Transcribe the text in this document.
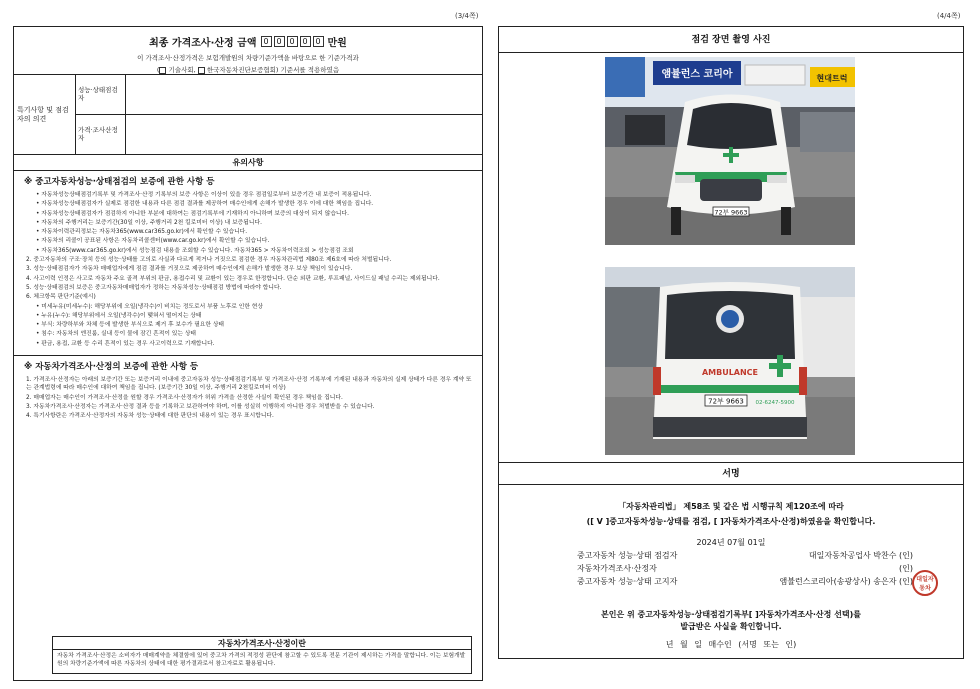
(3/4쪽)	(4/4쪽)
최종 가격조사·산정 금액 0 0 0 0 0 만원
이 가격조사·산정가격은 보험개발원의 차량기준가액을 바탕으로 한 기준가격과
( 기술사회,  한국자동차진단보증협회) 기준서를 적용하였음
특기사항 및 점검자의 의견
성능·상태점검자
가격·조사산정자
유의사항
※ 중고자동차성능·상태점검의 보증에 관한 사항 등
• 자동차성능상태점검기록부 및 가격조사·산정 기록부의 보증 사항은 이상이 있을 경우 점검일로부터 보증기간 내 보증이 적용됩니다.
• 자동차성능상태점검자가 실제로 점검한 내용과 다른 점검 결과를 제공하여 매수인에게 손해가 발생한 경우 이에 대한 책임을 집니다.
• 자동차성능상태점검자가 점검하지 아니한 부분에 대하여는 점검기록부에 기재하지 아니하며 보증의 대상이 되지 않습니다.
• 자동차의 주행거리는 보증기간(30일 이상, 주행거리 2천 킬로미터 이상) 내 보증됩니다.
• 자동차이력관리정보는 자동차365(www.car365.go.kr)에서 확인할 수 있습니다.
• 자동차의 리콜이 공표된 사항은 자동차리콜센터(www.car.go.kr)에서 확인할 수 있습니다.
• 자동차365(www.car365.go.kr)에서 성능점검 내용을 조회할 수 있습니다. 자동차365 > 자동차이력조회 > 성능점검 조회
2. 중고자동차의 구조·장치 등의 성능·상태를 고의로 사실과 다르게 적거나 거짓으로 점검한 경우 자동차관리법 제80조 제6호에 따라 처벌됩니다.
3. 성능·상태점검자가 자동차 매매업자에게 점검 결과를 거짓으로 제공하여 매수인에게 손해가 발생한 경우 보상 책임이 있습니다.
4. 사고이력 인정은 사고로 자동차 주요 골격 부위의 판금, 용접수리 및 교환이 있는 경우로 한정합니다. 단순 외판 교환, 루프패널, 사이드실 패널 수리는 제외됩니다.
5. 성능·상태점검의 보증은 중고자동차매매업자가 정하는 자동차성능·상태점검 방법에 따라야 합니다.
6. 체크항목 판단기준(예시)
• 미세누유(미세누수): 해당부위에 오일(냉각수)이 비치는 정도로서 부품 노후로 인한 현상
• 누유(누수): 해당부위에서 오일(냉각수)이 맺혀서 떨어지는 상태
• 부식: 차량하부와 차체 등에 발생한 부식으로 제거 후 보수가 필요한 상태
• 침수: 자동차의 엔진룸, 실내 등이 물에 잠긴 흔적이 있는 상태
• 판금, 용접, 교환 등 수리 흔적이 있는 경우 사고이력으로 기재합니다.
※ 자동차가격조사·산정의 보증에 관한 사항 등
1. 가격조사·산정자는 아래의 보증기간 또는 보증거리 이내에 중고자동차 성능·상태점검기록부 및 가격조사·산정 기록부에 기재된 내용과 자동차의 실제 상태가 다른 경우 계약 또는 관계법령에 따라 매수인에 대하여 책임을 집니다. (보증기간 30일 이상, 주행거리 2천킬로미터 이상)
2. 매매업자는 매수인이 가격조사·산정을 원할 경우 가격조사·산정자가 허위 가격을 산정한 사실이 확인된 경우 책임을 집니다.
3. 자동차가격조사·산정자는 가격조사·산정 결과 등을 기록하고 보관하여야 하며, 이를 성실히 이행하지 아니한 경우 처벌받을 수 있습니다.
4. 특기사항란은 가격조사·산정자의 자동차 성능·상태에 대한 판단의 내용이 있는 경우 표시합니다.
자동차가격조사·산정이란
자동차 가격조사·산정은 소비자가 매매계약을 체결함에 있어 중고차 가격의 적정성 판단에 참고할 수 있도록 전문 기관이 제시하는 가격을 말합니다. 이는 보험개발원의 차량기준가액에 따른 자동차의 상태에 대한 평가결과로서 참고자료로 활용됩니다.
점검 장면 촬영 사진
앰뷸런스 코리아	현대트럭
72부 9663
AMBULANCE
72부 9663 02-6247-5900
서명
「자동차관리법」 제58조 및 같은 법 시행규칙 제120조에 따라
([ V ]중고자동차성능·상태를 점검, [ ]자동차가격조사·산정)하였음을 확인합니다.
2024년 07월 01일
중고자동차 성능·상태 점검자	대일자동차공업사 박찬수 (인)
자동차가격조사·산정자	(인)
중고자동차 성능·상태 고지자	앰뷸런스코리아(송광상사) 송은자 (인) 대일자동차
본인은 위 중고자동차성능·상태점검기록부[ ]자동차가격조사·산정 선택)를
발급받은 사실을 확인합니다.
년 월 일 매수인 (서명 또는 인)
